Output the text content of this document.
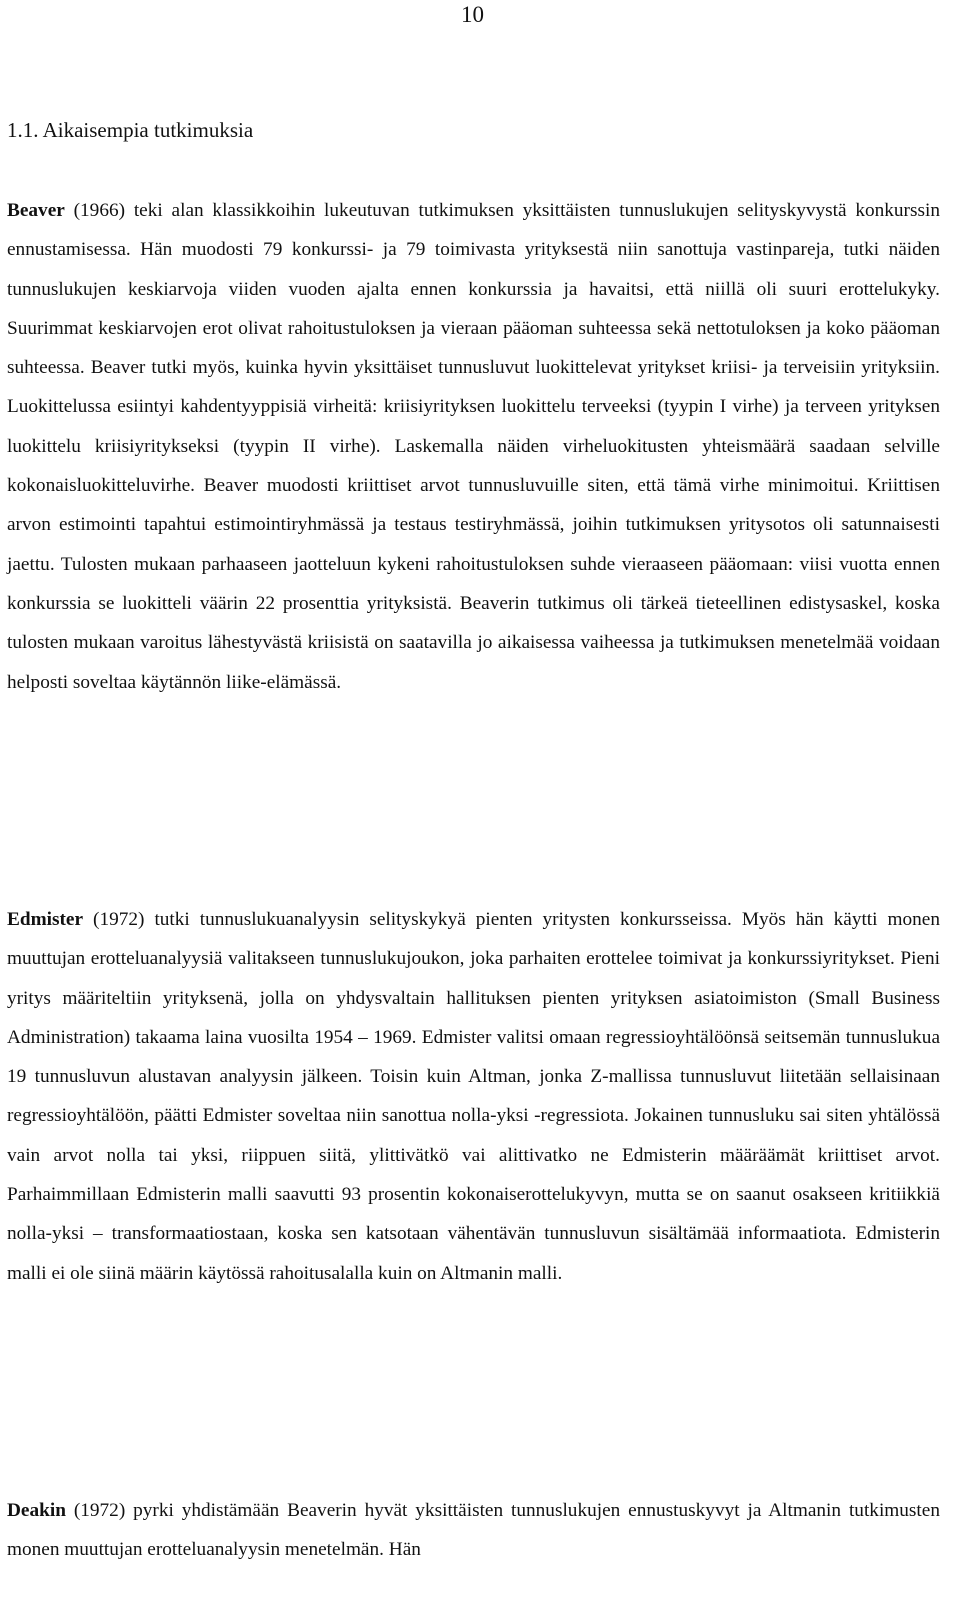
10
1.1. Aikaisempia tutkimuksia

Beaver (1966) teki alan klassikkoihin lukeutuvan tutkimuksen yksittäisten tunnuslukujen selityskyvystä konkurssin ennustamisessa. Hän muodosti 79 konkurssi- ja 79 toimivasta yrityksestä niin sanottuja vastinpareja, tutki näiden tunnuslukujen keskiarvoja viiden vuoden ajalta ennen konkurssia ja havaitsi, että niillä oli suuri erottelukyky. Suurimmat keskiarvojen erot olivat rahoitustuloksen ja vieraan pääoman suhteessa sekä nettotuloksen ja koko pääoman suhteessa. Beaver tutki myös, kuinka hyvin yksittäiset tunnusluvut luokittelevat yritykset kriisi- ja terveisiin yrityksiin. Luokittelussa esiintyi kahdentyyppisiä virheitä: kriisiyrityksen luokittelu terveeksi (tyypin I virhe) ja terveen yrityksen luokittelu kriisiyritykseksi (tyypin II virhe). Laskemalla näiden virheluokitusten yhteismäärä saadaan selville kokonaisluokitteluvirhe. Beaver muodosti kriittiset arvot tunnusluvuille siten, että tämä virhe minimoitui. Kriittisen arvon estimointi tapahtui estimointiryhmässä ja testaus testiryhmässä, joihin tutkimuksen yritysotos oli satunnaisesti jaettu. Tulosten mukaan parhaaseen jaotteluun kykeni rahoitustuloksen suhde vieraaseen pääomaan: viisi vuotta ennen konkurssia se luokitteli väärin 22 prosenttia yrityksistä. Beaverin tutkimus oli tärkeä tieteellinen edistysaskel, koska tulosten mukaan varoitus lähestyvästä kriisistä on saatavilla jo aikaisessa vaiheessa ja tutkimuksen menetelmää voidaan helposti soveltaa käytännön liike-elämässä.

Edmister (1972) tutki tunnuslukuanalyysin selityskykyä pienten yritysten konkursseissa. Myös hän käytti monen muuttujan erotteluanalyysiä valitakseen tunnuslukujoukon, joka parhaiten erottelee toimivat ja konkurssiyritykset. Pieni yritys määriteltiin yrityksenä, jolla on yhdysvaltain hallituksen pienten yrityksen asiatoimiston (Small Business Administration) takaama laina vuosilta 1954 – 1969. Edmister valitsi omaan regressioyhtälöönsä seitsemän tunnuslukua 19 tunnusluvun alustavan analyysin jälkeen. Toisin kuin Altman, jonka Z-mallissa tunnusluvut liitetään sellaisinaan regressioyhtälöön, päätti Edmister soveltaa niin sanottua nolla-yksi -regressiota. Jokainen tunnusluku sai siten yhtälössä vain arvot nolla tai yksi, riippuen siitä, ylittivätkö vai alittivatko ne Edmisterin määräämät kriittiset arvot. Parhaimmillaan Edmisterin malli saavutti 93 prosentin kokonaiserottelukyvyn, mutta se on saanut osakseen kritiikkiä nolla-yksi – transformaatiostaan, koska sen katsotaan vähentävän tunnusluvun sisältämää informaatiota. Edmisterin malli ei ole siinä määrin käytössä rahoitusalalla kuin on Altmanin malli.

Deakin (1972) pyrki yhdistämään Beaverin hyvät yksittäisten tunnuslukujen ennustuskyvyt ja Altmanin tutkimusten monen muuttujan erotteluanalyysin menetelmän. Hän
